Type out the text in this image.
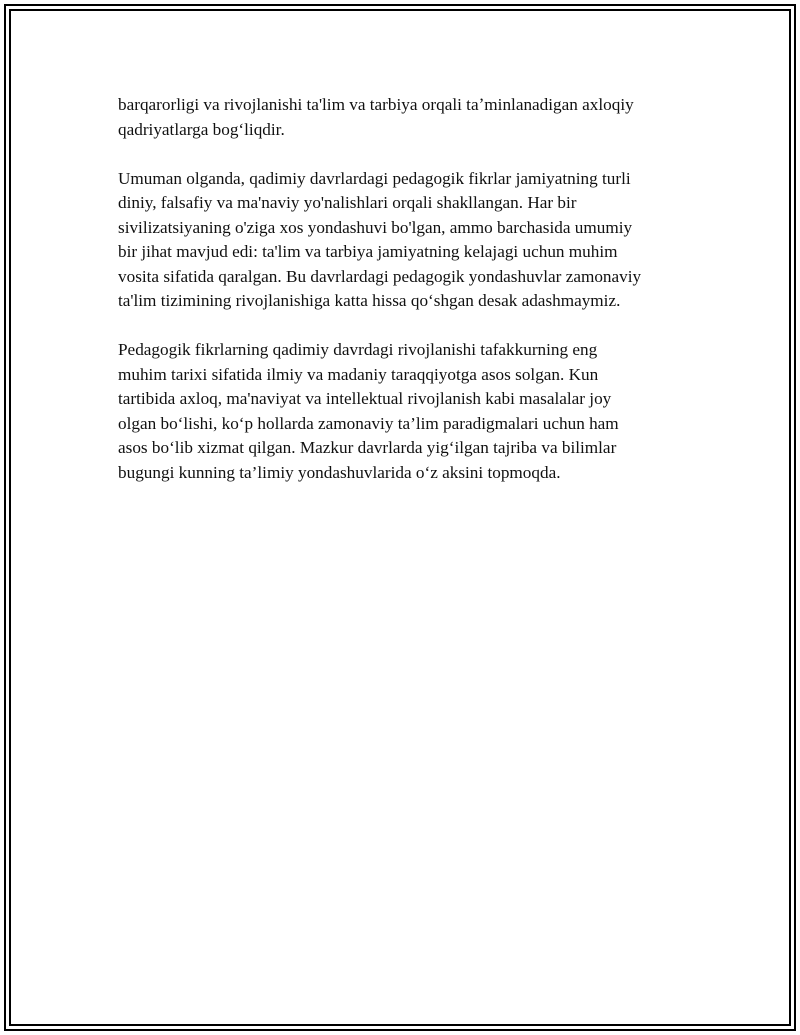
barqarorligi va rivojlanishi ta'lim va tarbiya orqali taʼminlanadigan axloqiy
qadriyatlarga bog‘liqdir.

Umuman olganda, qadimiy davrlardagi pedagogik fikrlar jamiyatning turli
diniy, falsafiy va ma'naviy yo'nalishlari orqali shakllangan. Har bir
sivilizatsiyaning o'ziga xos yondashuvi bo'lgan, ammo barchasida umumiy
bir jihat mavjud edi: ta'lim va tarbiya jamiyatning kelajagi uchun muhim
vosita sifatida qaralgan. Bu davrlardagi pedagogik yondashuvlar zamonaviy
ta'lim tizimining rivojlanishiga katta hissa qo‘shgan desak adashmaymiz.

Pedagogik fikrlarning qadimiy davrdagi rivojlanishi tafakkurning eng
muhim tarixi sifatida ilmiy va madaniy taraqqiyotga asos solgan. Kun
tartibida axloq, ma'naviyat va intellektual rivojlanish kabi masalalar joy
olgan bo‘lishi, ko‘p hollarda zamonaviy ta’lim paradigmalari uchun ham
asos bo‘lib xizmat qilgan. Mazkur davrlarda yig‘ilgan tajriba va bilimlar
bugungi kunning ta’limiy yondashuvlarida o‘z aksini topmoqda.
